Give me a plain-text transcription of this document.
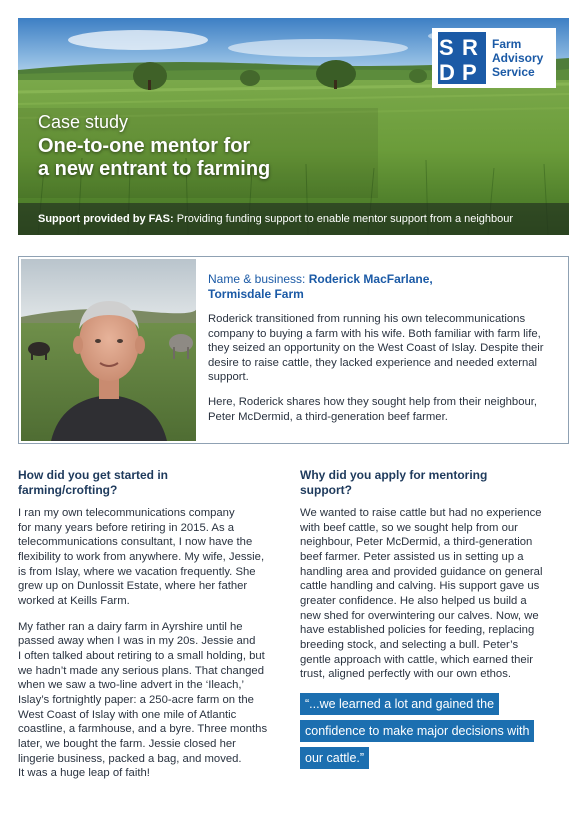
S R
D P
Farm
Advisory
Service
Case study
One-to-one mentor for
a new entrant to farming
Support provided by FAS: Providing funding support to enable mentor support from a neighbour
Name & business: Roderick MacFarlane,
Tormisdale Farm

Roderick transitioned from running his own telecommunications company to buying a farm with his wife. Both familiar with farm life, they seized an opportunity on the West Coast of Islay. Despite their desire to raise cattle, they lacked experience and needed external support.

Here, Roderick shares how they sought help from their neighbour, Peter McDermid, a third-generation beef farmer.

How did you get started in
farming/crofting?

I ran my own telecommunications company
for many years before retiring in 2015. As a
telecommunications consultant, I now have the
flexibility to work from anywhere. My wife, Jessie,
is from Islay, where we vacation frequently. She
grew up on Dunlossit Estate, where her father
worked at Keills Farm.

My father ran a dairy farm in Ayrshire until he
passed away when I was in my 20s. Jessie and
I often talked about retiring to a small holding, but
we hadn’t made any serious plans. That changed
when we saw a two-line advert in the ‘Ileach,’
Islay’s fortnightly paper: a 250-acre farm on the
West Coast of Islay with one mile of Atlantic
coastline, a farmhouse, and a byre. Three months
later, we bought the farm. Jessie closed her
lingerie business, packed a bag, and moved.
It was a huge leap of faith!

Why did you apply for mentoring
support?

We wanted to raise cattle but had no experience
with beef cattle, so we sought help from our
neighbour, Peter McDermid, a third-generation
beef farmer. Peter assisted us in setting up a
handling area and provided guidance on general
cattle handling and calving. His support gave us
greater confidence. He also helped us build a
new shed for overwintering our calves. Now, we
have established policies for feeding, replacing
breeding stock, and selecting a bull. Peter’s
gentle approach with cattle, which earned their
trust, aligned perfectly with our own ethos.

“...we learned a lot and gained the
confidence to make major decisions with
our cattle.”
